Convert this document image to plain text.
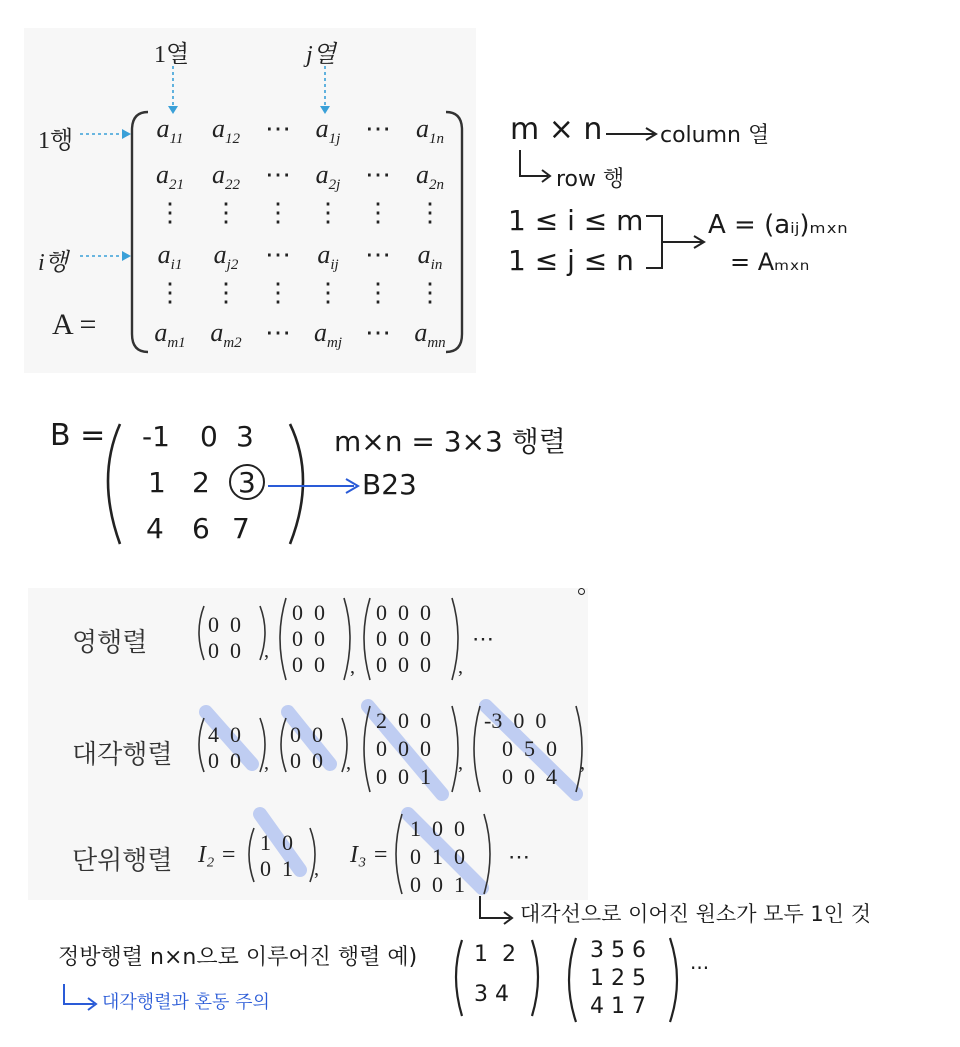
1열	j열
1행
i행
A =
$a_{11}$	$a_{12}$ ⋯ $a_{1j}$ ⋯ $a_{1n}$
$a_{21}$	$a_{22}$ ⋯ $a_{2j}$ ⋯ $a_{2n}$
⋮	⋮	⋮ ⋮ ⋮	⋮
$a_{i1}$	$a_{j2}$	⋯	$a_{ij}$	⋯	$a_{in}$
⋮	⋮	⋮ ⋮ ⋮	⋮
$a_{m1}$ $a_{m2}$ ⋯ $a_{mj}$ ⋯ $a_{mn}$
m × n	column 열
row 행
1 ≤ i ≤ m
1 ≤ j ≤ n
A = (aᵢⱼ)ₘₓₙ
= Aₘₓₙ
B = -1 0 3
1 2 3
4 6 7
m×n = 3×3 행렬
B23
영행렬
대각행렬
단위행렬
0 0
0 0 ,
0 0
0 0
0 0 ,
0 0 0
0 0 0
0 0 0
⋯
,
4 0
0 0 ,
0 0
0 0 ,
2 0 0
0 0 0
0 0 1
,
-3 0 0
0 5 0
0 0 4
,
I₂ = 1 0
0 1 ,
I₃ =
1 0 0
0 1 0
0 0 1
⋯
대각선으로 이어진 원소가 모두 1인 것
정방행렬 n×n으로 이루어진 행렬 예)	1 2
3 4
3 5 6
1 2 5
4 1 7
···
대각행렬과 혼동 주의
